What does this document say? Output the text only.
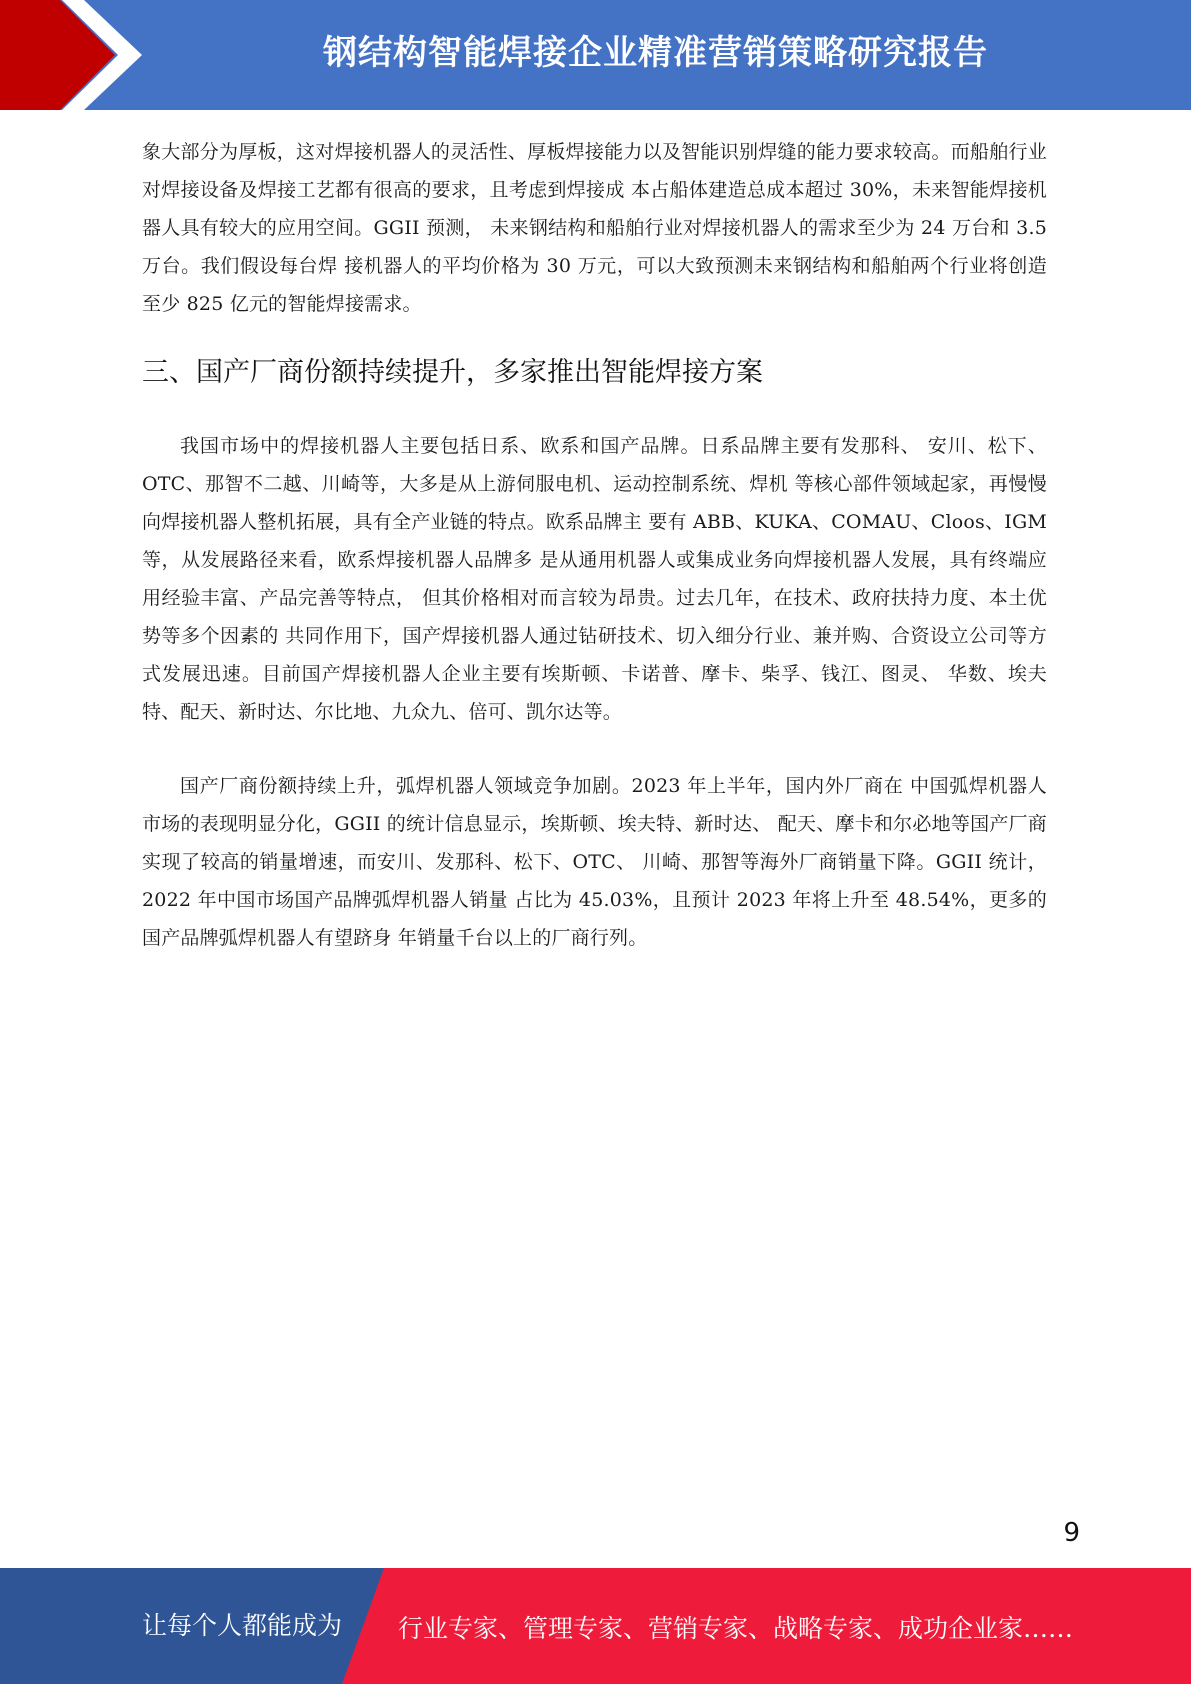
钢结构智能焊接企业精准营销策略研究报告

象大部分为厚板，这对焊接机器人的灵活性、厚板焊接能力以及智能识别焊缝的能力要求较高。而船舶行业对焊接设备及焊接工艺都有很高的要求，且考虑到焊接成 本占船体建造总成本超过 30%，未来智能焊接机器人具有较大的应用空间。GGII 预测， 未来钢结构和船舶行业对焊接机器人的需求至少为 24 万台和 3.5 万台。我们假设每台焊 接机器人的平均价格为 30 万元，可以大致预测未来钢结构和船舶两个行业将创造至少 825 亿元的智能焊接需求。

三、国产厂商份额持续提升，多家推出智能焊接方案

我国市场中的焊接机器人主要包括日系、欧系和国产品牌。日系品牌主要有发那科、 安川、松下、OTC、那智不二越、川崎等，大多是从上游伺服电机、运动控制系统、焊机 等核心部件领域起家，再慢慢向焊接机器人整机拓展，具有全产业链的特点。欧系品牌主 要有 ABB、KUKA、COMAU、Cloos、IGM 等，从发展路径来看，欧系焊接机器人品牌多 是从通用机器人或集成业务向焊接机器人发展，具有终端应用经验丰富、产品完善等特点， 但其价格相对而言较为昂贵。过去几年，在技术、政府扶持力度、本土优势等多个因素的 共同作用下，国产焊接机器人通过钻研技术、切入细分行业、兼并购、合资设立公司等方 式发展迅速。目前国产焊接机器人企业主要有埃斯顿、卡诺普、摩卡、柴孚、钱江、图灵、 华数、埃夫特、配天、新时达、尔比地、九众九、倍可、凯尔达等。

国产厂商份额持续上升，弧焊机器人领域竞争加剧。2023 年上半年，国内外厂商在 中国弧焊机器人市场的表现明显分化，GGII 的统计信息显示，埃斯顿、埃夫特、新时达、 配天、摩卡和尔必地等国产厂商实现了较高的销量增速，而安川、发那科、松下、OTC、 川崎、那智等海外厂商销量下降。GGII 统计，2022 年中国市场国产品牌弧焊机器人销量 占比为 45.03%，且预计 2023 年将上升至 48.54%，更多的国产品牌弧焊机器人有望跻身 年销量千台以上的厂商行列。

9
让每个人都能成为 行业专家、管理专家、营销专家、战略专家、成功企业家……
